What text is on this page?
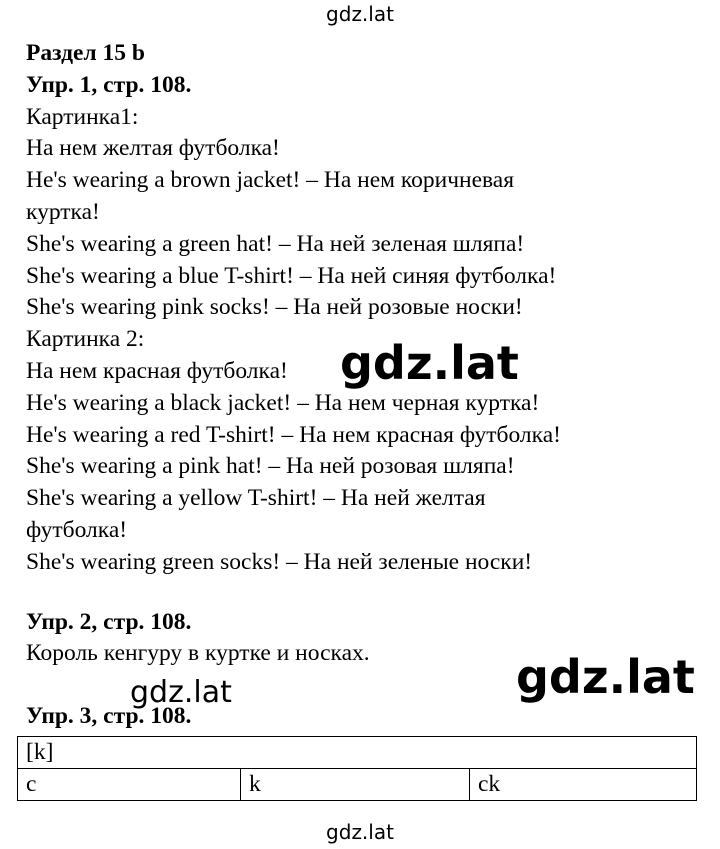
gdz.lat
Раздел 15 b
Упр. 1, стр. 108.
Картинка1:
На нем желтая футболка!
He's wearing a brown jacket! – На нем коричневая
куртка!
She's wearing a green hat! – На ней зеленая шляпа!
She's wearing a blue T-shirt! – На ней синяя футболка!
She's wearing pink socks! – На ней розовые носки!
Картинка 2:
На нем красная футболка!
He's wearing a black jacket! – На нем черная куртка!
He's wearing a red T-shirt! – На нем красная футболка!
She's wearing a pink hat! – На ней розовая шляпа!
She's wearing a yellow T-shirt! – На ней желтая
футболка!
She's wearing green socks! – На ней зеленые носки!
Упр. 2, стр. 108.
Король кенгуру в куртке и носках.
Упр. 3, стр. 108.
[k]
c	k	ck
gdz.lat
gdz.lat
gdz.lat
gdz.lat
